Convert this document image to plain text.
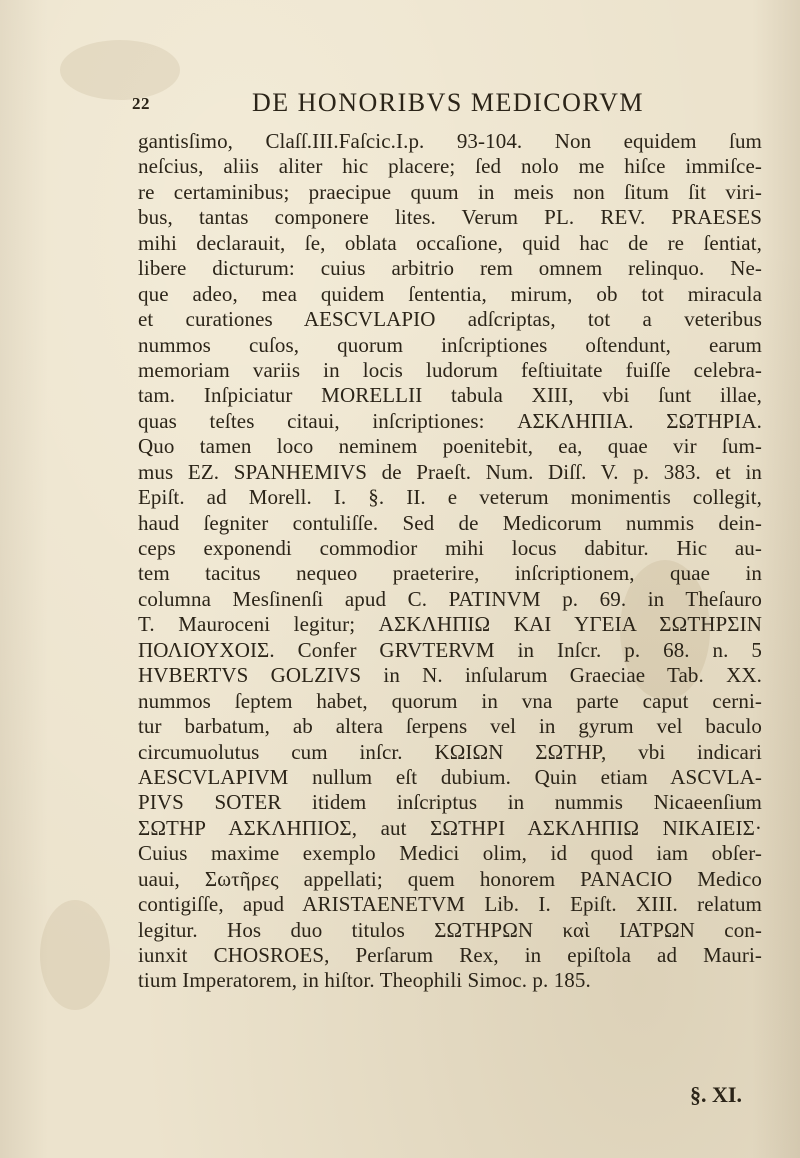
22	DE HONORIBVS MEDICORVM
gantisſimo, Claſſ.III.Faſcic.I.p. 93-104. Non equidem ſum
neſcius, aliis aliter hic placere; ſed nolo me hiſce immiſce-
re certaminibus; praecipue quum in meis non ſitum ſit viri-
bus, tantas componere lites. Verum PL. REV. PRAESES
mihi declarauit, ſe, oblata occaſione, quid hac de re ſentiat,
libere dicturum: cuius arbitrio rem omnem relinquo. Ne-
que adeo, mea quidem ſententia, mirum, ob tot miracula
et curationes AESCVLAPIO adſcriptas, tot a veteribus
nummos cuſos, quorum inſcriptiones oſtendunt, earum
memoriam variis in locis ludorum feſtiuitate fuiſſe celebra-
tam. Inſpiciatur MORELLII tabula XIII, vbi ſunt illae,
quas teſtes citaui, inſcriptiones: ΑΣΚΛΗΠΙΑ. ΣΩΤΗΡΙΑ.
Quo tamen loco neminem poenitebit, ea, quae vir ſum-
mus EZ. SPANHEMIVS de Praeſt. Num. Diſſ. V. p. 383. et in
Epiſt. ad Morell. I. §. II. e veterum monimentis collegit,
haud ſegniter contuliſſe. Sed de Medicorum nummis dein-
ceps exponendi commodior mihi locus dabitur. Hic au-
tem tacitus nequeo praeterire, inſcriptionem, quae in
columna Mesſinenſi apud C. PATINVM p. 69. in Theſauro
T. Mauroceni legitur; ΑΣΚΛΗΠΙΩ ΚΑΙ ΥΓΕΙΑ ΣΩΤΗΡΣΙΝ
ΠΟΛΙΟΥΧΟΙΣ. Confer GRVTERVM in Inſcr. p. 68. n. 5
HVBERTVS GOLZIVS in N. inſularum Graeciae Tab. XX.
nummos ſeptem habet, quorum in vna parte caput cerni-
tur barbatum, ab altera ſerpens vel in gyrum vel baculo
circumuolutus cum inſcr. ΚΩΙΩΝ ΣΩΤΗΡ, vbi indicari
AESCVLAPIVM nullum eſt dubium. Quin etiam ASCVLA-
PIVS SOTER itidem inſcriptus in nummis Nicaeenſium
ΣΩΤΗΡ ΑΣΚΛΗΠΙΟΣ, aut ΣΩΤΗΡΙ ΑΣΚΛΗΠΙΩ ΝΙΚΑΙΕΙΣ·
Cuius maxime exemplo Medici olim, id quod iam obſer-
uaui, Σωτῆρες appellati; quem honorem PANACIO Medico
contigiſſe, apud ARISTAENETVM Lib. I. Epiſt. XIII. relatum
legitur. Hos duo titulos ΣΩΤΗΡΩΝ καὶ ΙΑΤΡΩΝ con-
iunxit CHOSROES, Perſarum Rex, in epiſtola ad Mauri-
tium Imperatorem, in hiſtor. Theophili Simoc. p. 185.
§. XI.
